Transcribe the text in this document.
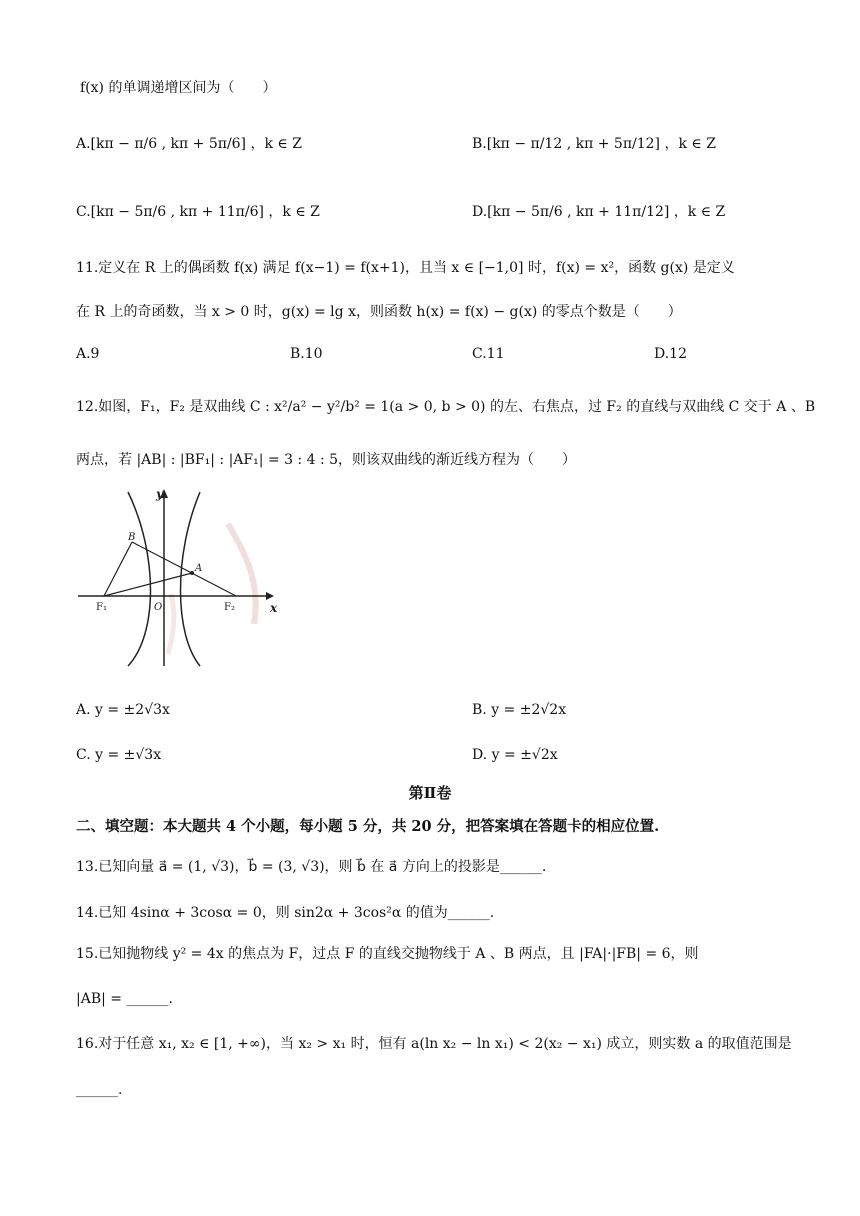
f(x) 的单调递增区间为（　　）
A.[kπ − π/6 , kπ + 5π/6] ，k ∈ Z	B.[kπ − π/12 , kπ + 5π/12] ，k ∈ Z
C.[kπ − 5π/6 , kπ + 11π/6] ，k ∈ Z	D.[kπ − 5π/6 , kπ + 11π/12] ，k ∈ Z
11.定义在 R 上的偶函数 f(x) 满足 f(x−1) = f(x+1)，且当 x ∈ [−1,0] 时，f(x) = x²，函数 g(x) 是定义
在 R 上的奇函数，当 x > 0 时，g(x) = lg x，则函数 h(x) = f(x) − g(x) 的零点个数是（　　）
A.9	B.10	C.11	D.12
12.如图，F₁，F₂ 是双曲线 C : x²/a² − y²/b² = 1(a > 0, b > 0) 的左、右焦点，过 F₂ 的直线与双曲线 C 交于 A 、B
两点，若 |AB| : |BF₁| : |AF₁| = 3 : 4 : 5，则该双曲线的渐近线方程为（　　）
y
x
B
A
F₁	O	F₂
A. y = ±2√3x	B. y = ±2√2x
C. y = ±√3x	D. y = ±√2x
第Ⅱ卷
二、填空题：本大题共 4 个小题，每小题 5 分，共 20 分，把答案填在答题卡的相应位置.
13.已知向量 a⃗ = (1, √3)，b⃗ = (3, √3)，则 b⃗ 在 a⃗ 方向上的投影是______.
14.已知 4sinα + 3cosα = 0，则 sin2α + 3cos²α 的值为______.
15.已知抛物线 y² = 4x 的焦点为 F，过点 F 的直线交抛物线于 A 、B 两点，且 |FA|·|FB| = 6，则
|AB| = ______.
16.对于任意 x₁, x₂ ∈ [1, +∞)，当 x₂ > x₁ 时，恒有 a(ln x₂ − ln x₁) < 2(x₂ − x₁) 成立，则实数 a 的取值范围是
______.
